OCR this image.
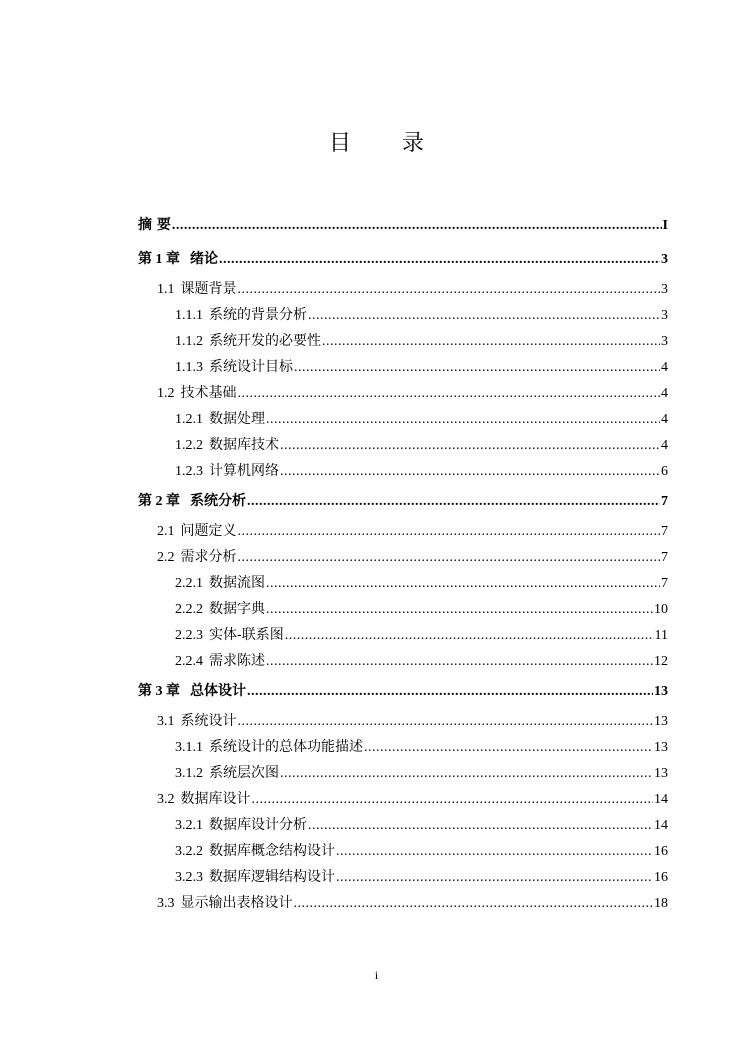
目 录
摘 要 .....	I
第 1 章 绪论 .....	3
1.1 课题背景 .....	3
1.1.1 系统的背景分析 .....	3
1.1.2 系统开发的必要性 .....	3
1.1.3 系统设计目标 .....	4
1.2 技术基础 .....	4
1.2.1 数据处理 .....	4
1.2.2 数据库技术 .....	4
1.2.3 计算机网络 .....	6
第 2 章 系统分析 .....	7
2.1 问题定义 .....	7
2.2 需求分析 .....	7
2.2.1 数据流图 .....	7
2.2.2 数据字典 .....	10
2.2.3 实体-联系图 .....	11
2.2.4 需求陈述 .....	12
第 3 章 总体设计 .....	13
3.1 系统设计 .....	13
3.1.1 系统设计的总体功能描述 .....	13
3.1.2 系统层次图 .....	13
3.2 数据库设计 .....	14
3.2.1 数据库设计分析 .....	14
3.2.2 数据库概念结构设计 .....	16
3.2.3 数据库逻辑结构设计 .....	16
3.3 显示输出表格设计 .....	18
i
